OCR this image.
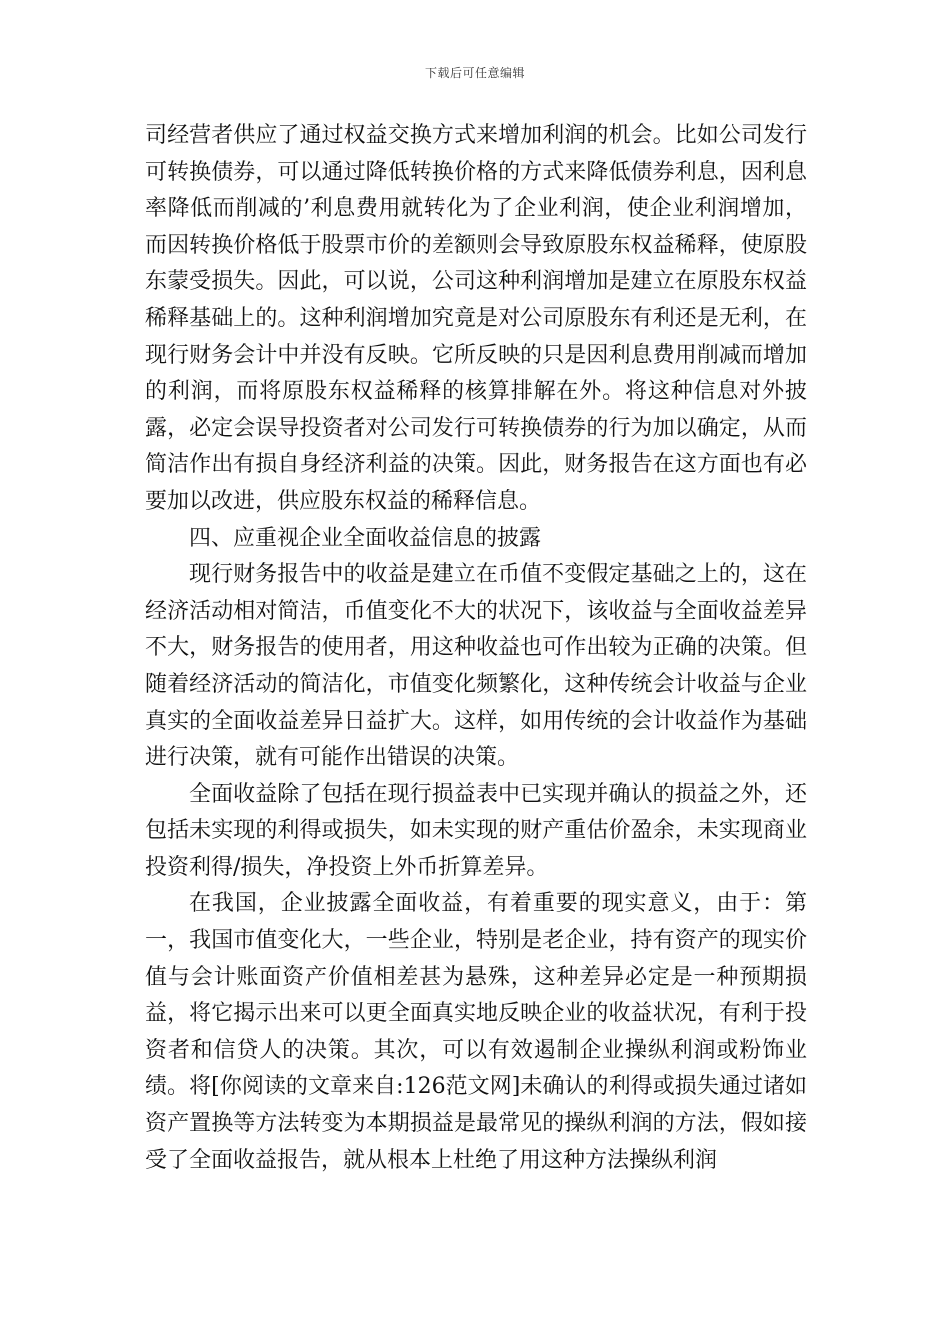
下载后可任意编辑

司经营者供应了通过权益交换方式来增加利润的机会。比如公司发行可转换债券，可以通过降低转换价格的方式来降低债券利息，因利息率降低而削减的’利息费用就转化为了企业利润，使企业利润增加，而因转换价格低于股票市价的差额则会导致原股东权益稀释，使原股东蒙受损失。因此，可以说，公司这种利润增加是建立在原股东权益稀释基础上的。这种利润增加究竟是对公司原股东有利还是无利，在现行财务会计中并没有反映。它所反映的只是因利息费用削减而增加的利润，而将原股东权益稀释的核算排解在外。将这种信息对外披露，必定会误导投资者对公司发行可转换债券的行为加以确定，从而简洁作出有损自身经济利益的决策。因此，财务报告在这方面也有必要加以改进，供应股东权益的稀释信息。

四、应重视企业全面收益信息的披露

现行财务报告中的收益是建立在币值不变假定基础之上的，这在经济活动相对简洁，币值变化不大的状况下，该收益与全面收益差异不大，财务报告的使用者，用这种收益也可作出较为正确的决策。但随着经济活动的简洁化，市值变化频繁化，这种传统会计收益与企业真实的全面收益差异日益扩大。这样，如用传统的会计收益作为基础进行决策，就有可能作出错误的决策。

全面收益除了包括在现行损益表中已实现并确认的损益之外，还包括未实现的利得或损失，如未实现的财产重估价盈余，未实现商业投资利得/损失，净投资上外币折算差异。

在我国，企业披露全面收益，有着重要的现实意义，由于：第一，我国市值变化大，一些企业，特别是老企业，持有资产的现实价值与会计账面资产价值相差甚为悬殊，这种差异必定是一种预期损益，将它揭示出来可以更全面真实地反映企业的收益状况，有利于投资者和信贷人的决策。其次，可以有效遏制企业操纵利润或粉饰业绩。将[你阅读的文章来自:126范文网]未确认的利得或损失通过诸如资产置换等方法转变为本期损益是最常见的操纵利润的方法，假如接受了全面收益报告，就从根本上杜绝了用这种方法操纵利润
